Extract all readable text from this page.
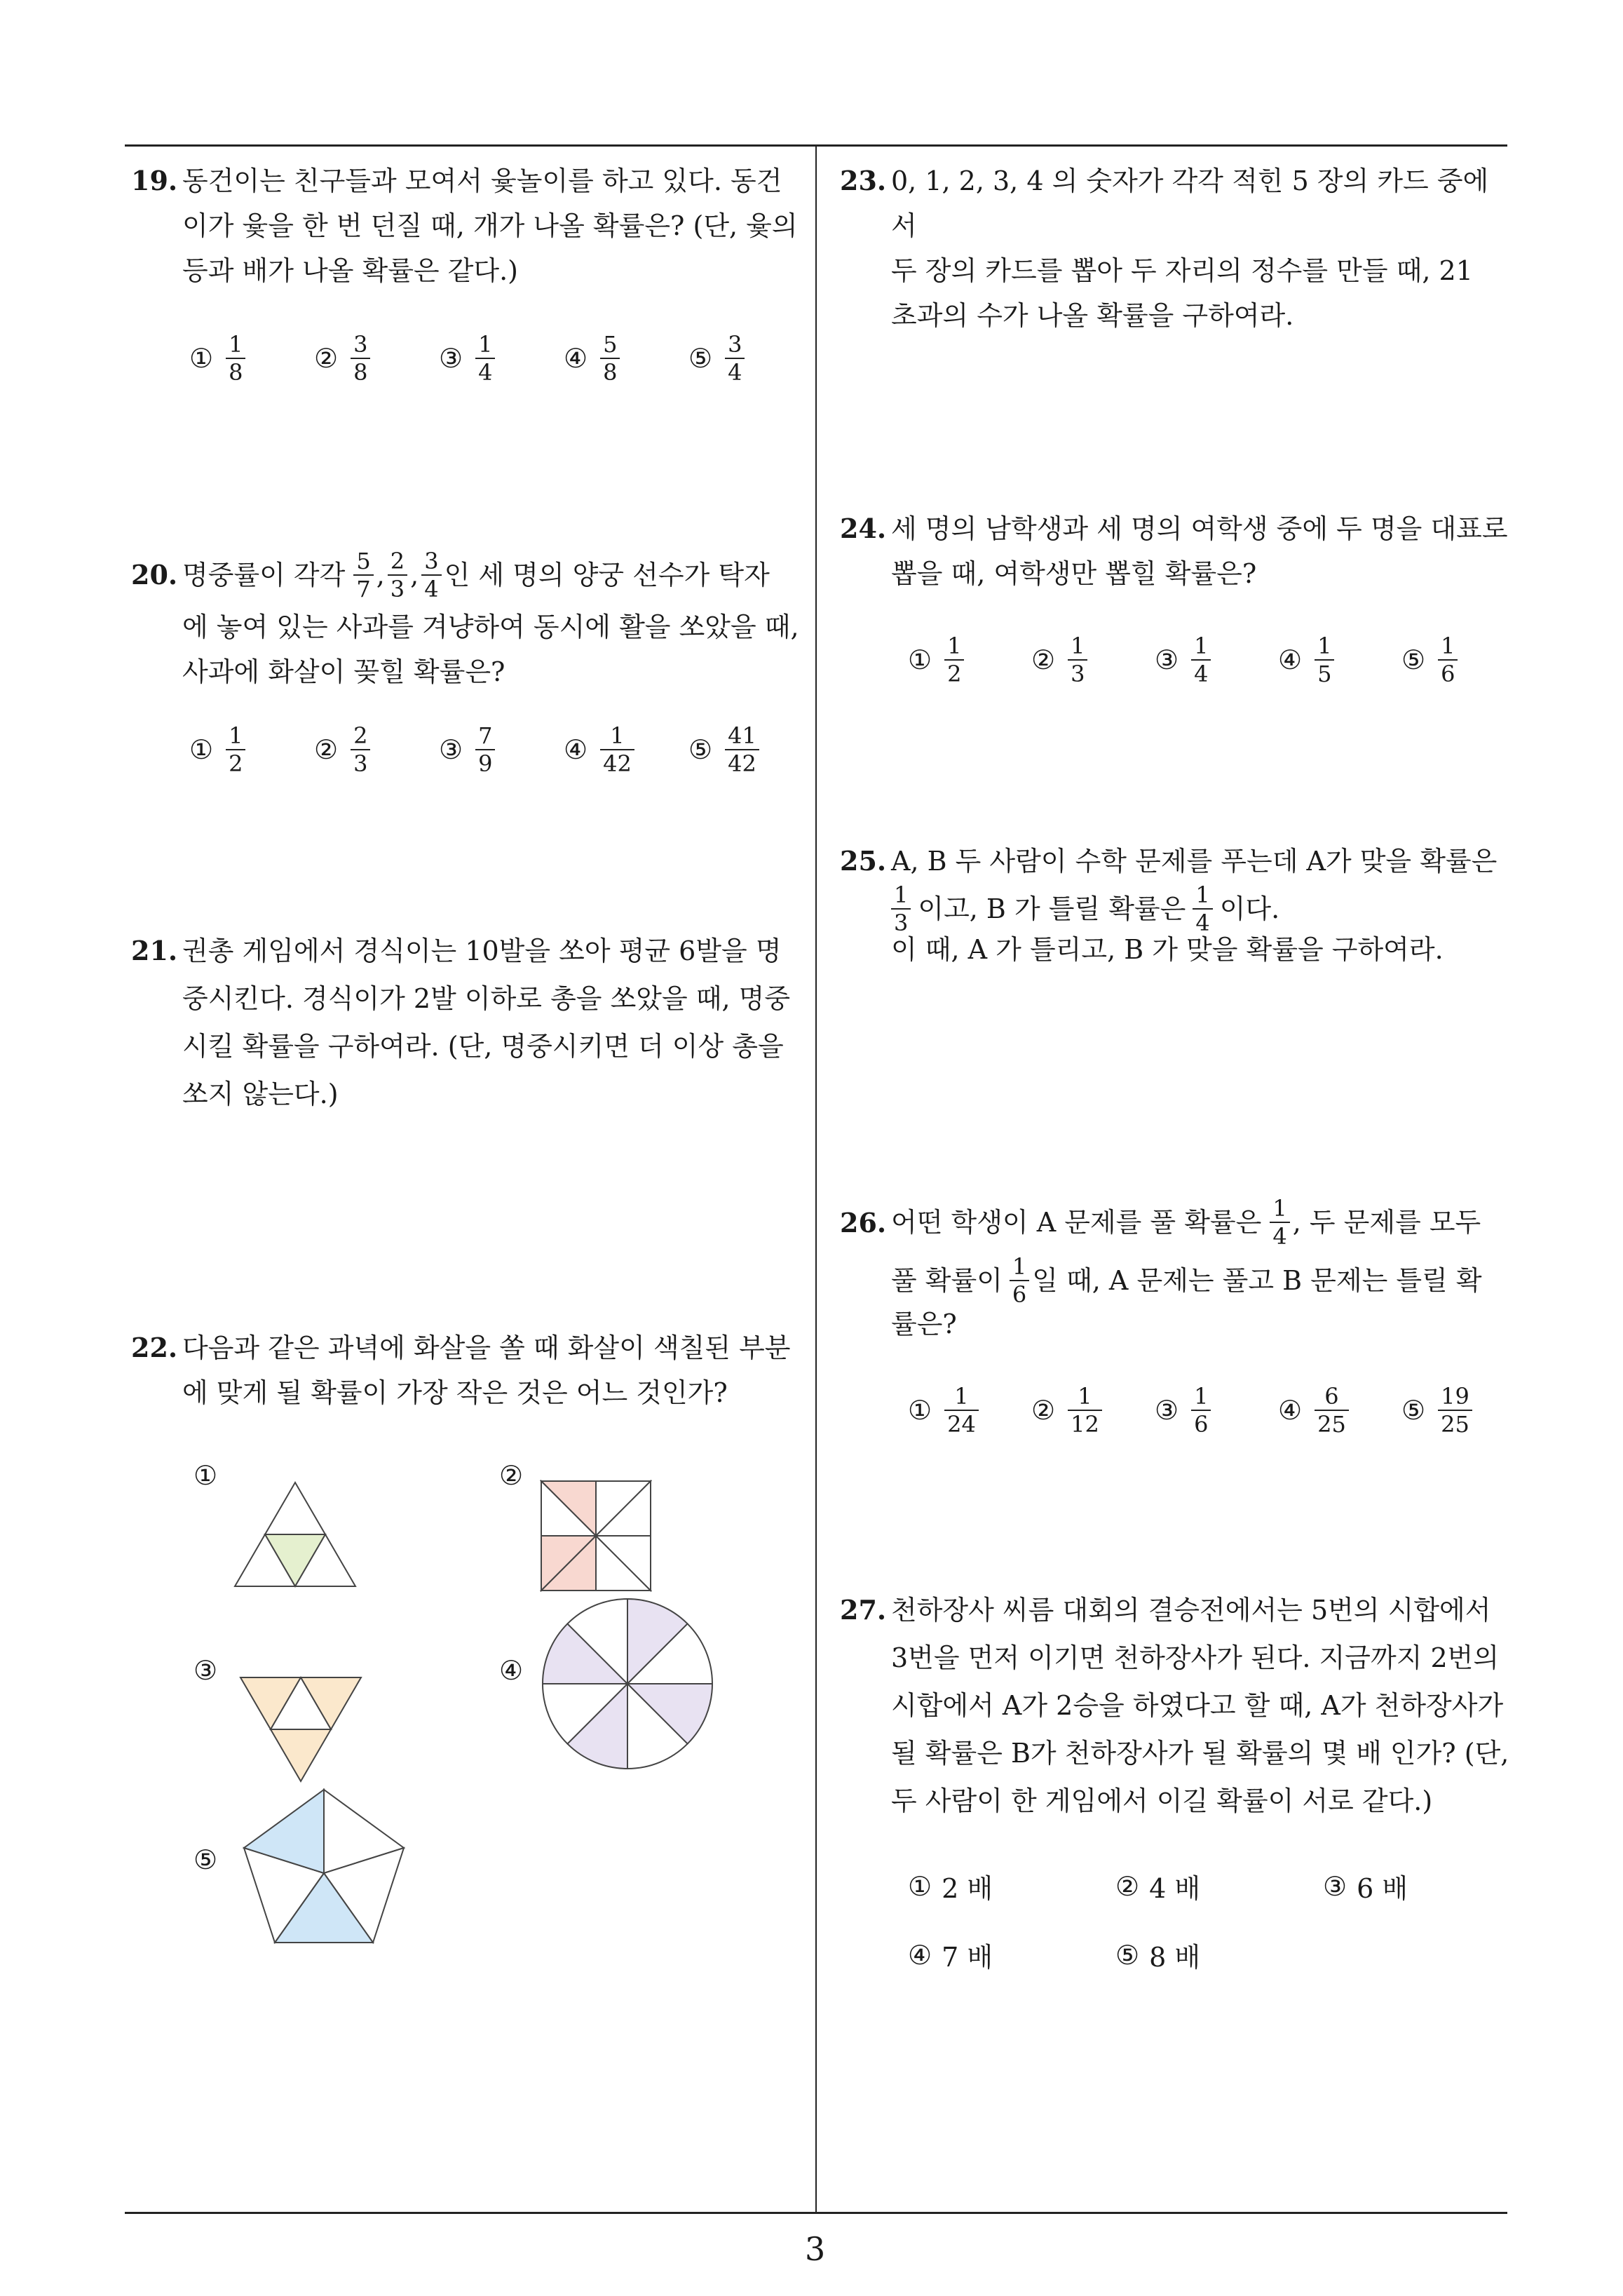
19. 동건이는 친구들과 모여서 윷놀이를 하고 있다. 동건
이가 윷을 한 번 던질 때, 개가 나올 확률은? (단, 윷의
등과 배가 나올 확률은 같다.)
① $\frac{1}{8}$	② $\frac{3}{8}$	③ $\frac{1}{4}$	④ $\frac{5}{8}$	⑤ $\frac{3}{4}$
20. 명중률이 각각 $\frac{5}{7}$ , $\frac{2}{3}$ , $\frac{3}{4}$ 인 세 명의 양궁 선수가 탁자
에 놓여 있는 사과를 겨냥하여 동시에 활을 쏘았을 때,
사과에 화살이 꽂힐 확률은?
① $\frac{1}{2}$	② $\frac{2}{3}$	③ $\frac{7}{9}$	④ $\frac{1}{42}$ ⑤ $\frac{41}{42}$
21. 권총 게임에서 경식이는 10발을 쏘아 평균 6발을 명
중시킨다. 경식이가 2발 이하로 총을 쏘았을 때, 명중
시킬 확률을 구하여라. (단, 명중시키면 더 이상 총을
쏘지 않는다.)
22. 다음과 같은 과녁에 화살을 쏠 때 화살이 색칠된 부분
에 맞게 될 확률이 가장 작은 것은 어느 것인가?
①	②
③	④
⑤
23. 0, 1, 2, 3, 4 의 숫자가 각각 적힌 5 장의 카드 중에서
두 장의 카드를 뽑아 두 자리의 정수를 만들 때, 21
초과의 수가 나올 확률을 구하여라.
24. 세 명의 남학생과 세 명의 여학생 중에 두 명을 대표로
뽑을 때, 여학생만 뽑힐 확률은?
① $\frac{1}{2}$	② $\frac{1}{3}$	③ $\frac{1}{4}$	④ $\frac{1}{5}$	⑤ $\frac{1}{6}$
25. A, B 두 사람이 수학 문제를 푸는데 A가 맞을 확률은
$\frac{1}{3}$ 이고, B 가 틀릴 확률은 $\frac{1}{4}$ 이다.
이 때, A 가 틀리고, B 가 맞을 확률을 구하여라.
26. 어떤 학생이 A 문제를 풀 확률은 $\frac{1}{4}$ , 두 문제를 모두
풀 확률이 $\frac{1}{6}$ 일 때, A 문제는 풀고 B 문제는 틀릴 확
률은?
① $\frac{1}{24}$ ② $\frac{1}{12}$ ③ $\frac{1}{6}$	④ $\frac{6}{25}$ ⑤ $\frac{19}{25}$
27. 천하장사 씨름 대회의 결승전에서는 5번의 시합에서
3번을 먼저 이기면 천하장사가 된다. 지금까지 2번의
시합에서 A가 2승을 하였다고 할 때, A가 천하장사가
될 확률은 B가 천하장사가 될 확률의 몇 배 인가? (단,
두 사람이 한 게임에서 이길 확률이 서로 같다.)
① 2 배	② 4 배	③ 6 배
④ 7 배	⑤ 8 배
3
